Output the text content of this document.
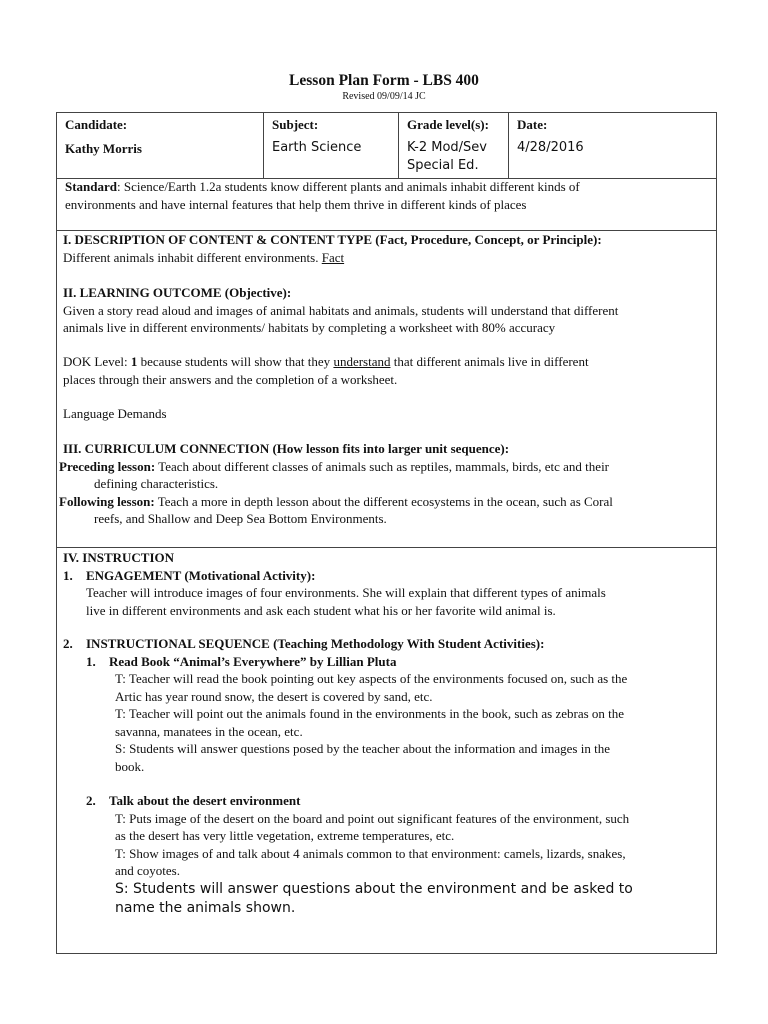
Lesson Plan Form - LBS 400
Revised 09/09/14 JC
Candidate:
Kathy Morris
Subject:
Earth Science
Grade level(s):
K-2 Mod/Sev
Special Ed.
Date:
4/28/2016

Standard: Science/Earth 1.2a students know different plants and animals inhabit different kinds of

environments and have internal features that help them thrive in different kinds of places

I. DESCRIPTION OF CONTENT & CONTENT TYPE (Fact, Procedure, Concept, or Principle):

Different animals inhabit different environments. Fact

II. LEARNING OUTCOME (Objective):

Given a story read aloud and images of animal habitats and animals, students will understand that different

animals live in different environments/ habitats by completing a worksheet with 80% accuracy

DOK Level: 1 because students will show that they understand that different animals live in different

places through their answers and the completion of a worksheet.

Language Demands

III. CURRICULUM CONNECTION (How lesson fits into larger unit sequence):

Preceding lesson: Teach about different classes of animals such as reptiles, mammals, birds, etc and their

defining characteristics.

Following lesson: Teach a more in depth lesson about the different ecosystems in the ocean, such as Coral

reefs, and Shallow and Deep Sea Bottom Environments.

IV. INSTRUCTION

1. ENGAGEMENT (Motivational Activity):

Teacher will introduce images of four environments. She will explain that different types of animals

live in different environments and ask each student what his or her favorite wild animal is.

2. INSTRUCTIONAL SEQUENCE (Teaching Methodology With Student Activities):

1. Read Book “Animal’s Everywhere” by Lillian Pluta

T: Teacher will read the book pointing out key aspects of the environments focused on, such as the

Artic has year round snow, the desert is covered by sand, etc.

T: Teacher will point out the animals found in the environments in the book, such as zebras on the

savanna, manatees in the ocean, etc.

S: Students will answer questions posed by the teacher about the information and images in the

book.

2. Talk about the desert environment

T: Puts image of the desert on the board and point out significant features of the environment, such

as the desert has very little vegetation, extreme temperatures, etc.

T: Show images of and talk about 4 animals common to that environment: camels, lizards, snakes,

and coyotes.

S: Students will answer questions about the environment and be asked to

name the animals shown.
